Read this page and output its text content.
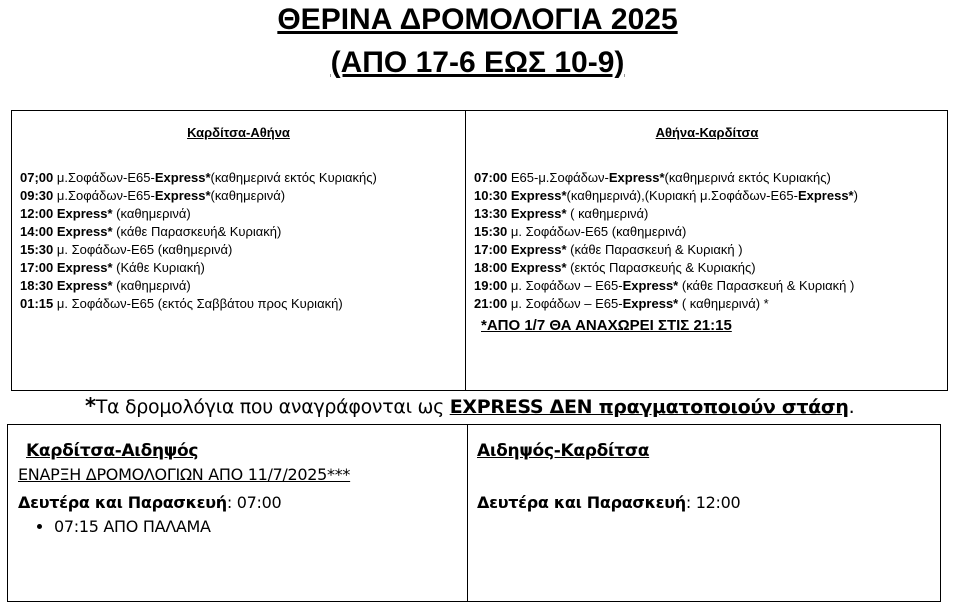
ΘΕΡΙΝΑ ΔΡΟΜΟΛΟΓΙΑ 2025
(ΑΠΟ 17-6 ΕΩΣ 10-9)
Καρδίτσα-Αθήνα
07;00 μ.Σοφάδων-Ε65-Express*(καθημερινά εκτός Κυριακής)
09:30 μ.Σοφάδων-Ε65-Express*(καθημερινά)
12:00 Express* (καθημερινά)
14:00 Express* (κάθε Παρασκευή& Κυριακή)
15:30 μ. Σοφάδων-Ε65 (καθημερινά)
17:00 Express* (Κάθε Κυριακή)
18:30 Express* (καθημερινά)
01:15 μ. Σοφάδων-Ε65 (εκτός Σαββάτου προς Κυριακή)
Αθήνα-Καρδίτσα
07:00 Ε65-μ.Σοφάδων-Express*(καθημερινά εκτός Κυριακής)
10:30 Express*(καθημερινά),(Κυριακή μ.Σοφάδων-Ε65-Express*)
13:30 Express* ( καθημερινά)
15:30 μ. Σοφάδων-Ε65 (καθημερινά)
17:00 Express* (κάθε Παρασκευή & Κυριακή )
18:00 Express* (εκτός Παρασκευής & Κυριακής)
19:00 μ. Σοφάδων – Ε65-Express* (κάθε Παρασκευή & Κυριακή )
21:00 μ. Σοφάδων – Ε65-Express* ( καθημερινά) *
*ΑΠΟ 1/7 ΘΑ ΑΝΑΧΩΡΕΙ ΣΤΙΣ 21:15
*Τα δρομολόγια που αναγράφονται ως EXPRESS ΔΕΝ πραγματοποιούν στάση.
Καρδίτσα-Αιδηψός
ΕΝΑΡΞΗ ΔΡΟΜΟΛΟΓΙΩΝ ΑΠΟ 11/7/2025***
Δευτέρα και Παρασκευή: 07:00
• 07:15 ΑΠΟ ΠΑΛΑΜΑ
Αιδηψός-Καρδίτσα
Δευτέρα και Παρασκευή: 12:00
